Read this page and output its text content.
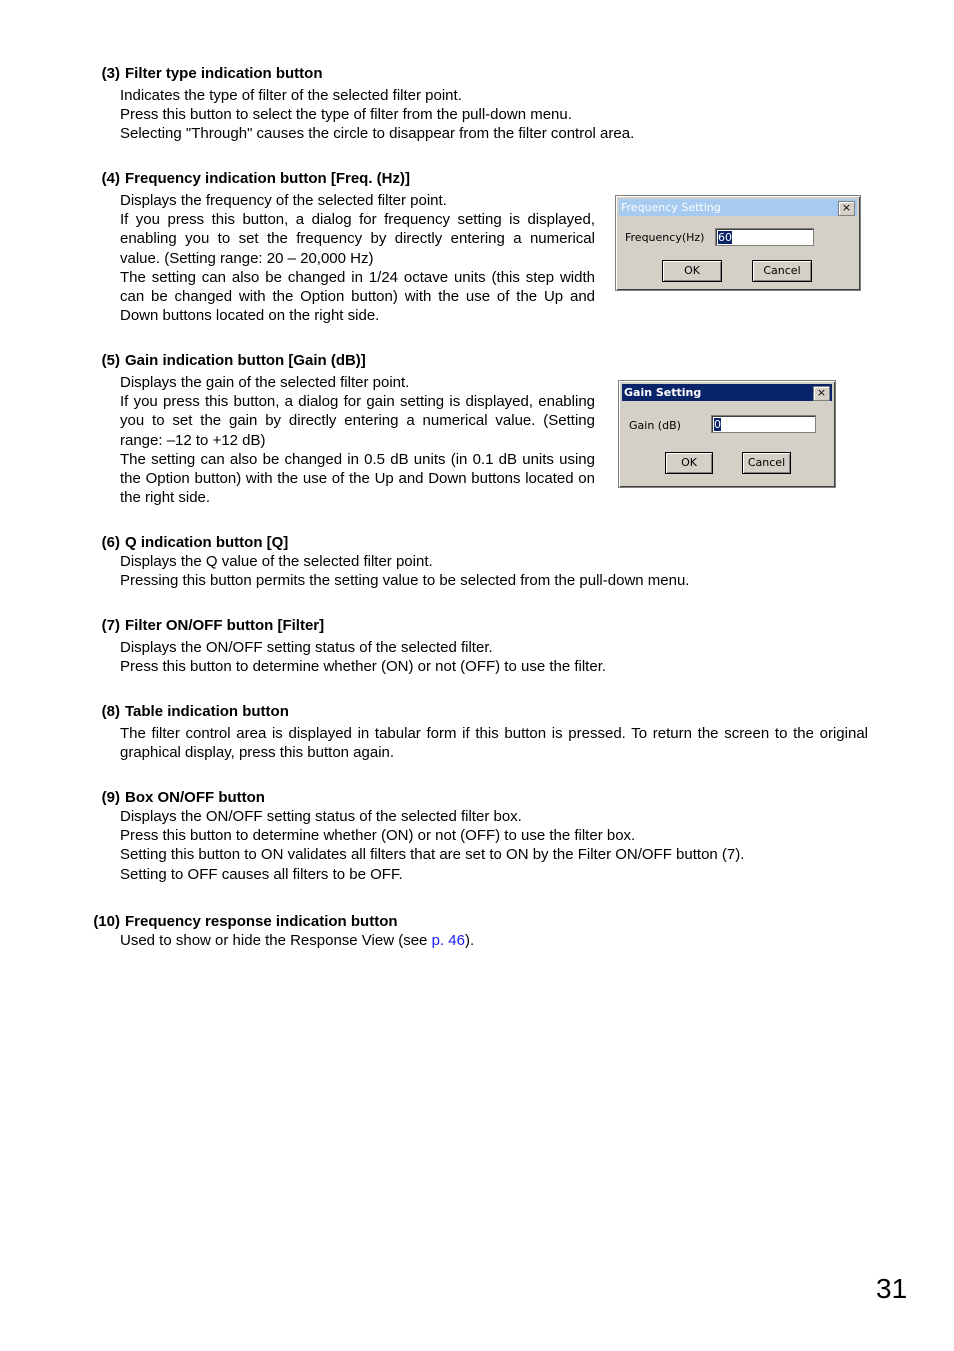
(3) Filter type indication button
Indicates the type of filter of the selected filter point.
Press this button to select the type of filter from the pull-down menu.
Selecting "Through" causes the circle to disappear from the filter control area.
(4) Frequency indication button [Freq. (Hz)]

Displays the frequency of the selected filter point.

If you press this button, a dialog for frequency setting is displayed, enabling you to set the frequency by directly entering a numerical value. (Setting range: 20 – 20,000 Hz)

The setting can also be changed in 1/24 octave units (this step width can be changed with the Option button) with the use of the Up and Down buttons located on the right side.

Frequency Setting	×
Frequency(Hz) 60
OK	Cancel
(5) Gain indication button [Gain (dB)]

Displays the gain of the selected filter point.

If you press this button, a dialog for gain setting is displayed, enabling you to set the gain by directly entering a numerical value. (Setting range: –12 to +12 dB)

The setting can also be changed in 0.5 dB units (in 0.1 dB units using the Option button) with the use of the Up and Down buttons located on the right side.

Gain Setting	×
Gain (dB)	0
OK	Cancel
(6) Q indication button [Q]
Displays the Q value of the selected filter point.
Pressing this button permits the setting value to be selected from the pull-down menu.
(7) Filter ON/OFF button [Filter]
Displays the ON/OFF setting status of the selected filter.
Press this button to determine whether (ON) or not (OFF) to use the filter.
(8) Table indication button

The filter control area is displayed in tabular form if this button is pressed. To return the screen to the original graphical display, press this button again.

(9) Box ON/OFF button
Displays the ON/OFF setting status of the selected filter box.
Press this button to determine whether (ON) or not (OFF) to use the filter box.
Setting this button to ON validates all filters that are set to ON by the Filter ON/OFF button (7).
Setting to OFF causes all filters to be OFF.
(10) Frequency response indication button
Used to show or hide the Response View (see p. 46).
31
